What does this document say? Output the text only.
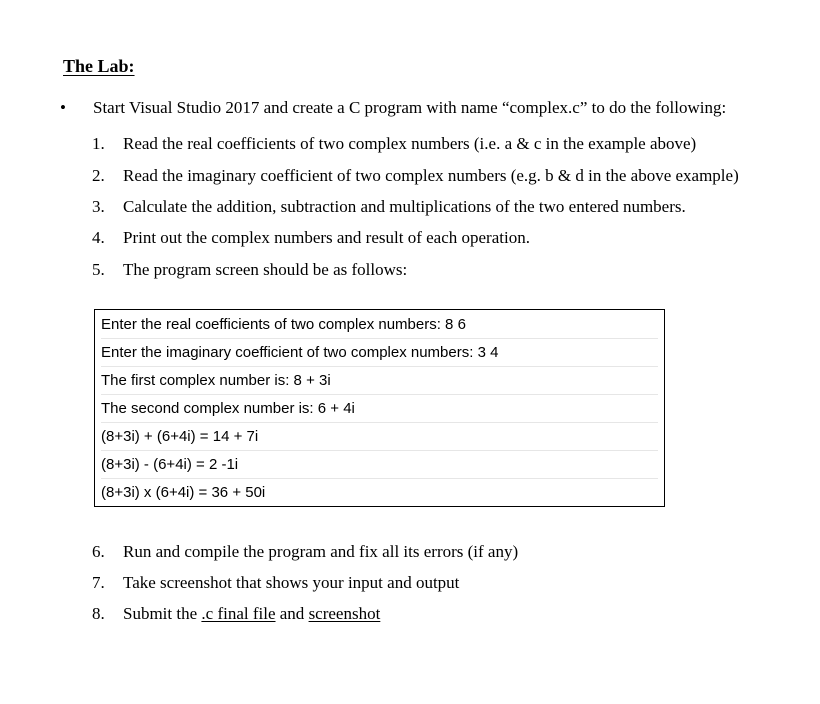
The Lab:
• Start Visual Studio 2017 and create a C program with name “complex.c” to do the following:
1. Read the real coefficients of two complex numbers (i.e. a & c in the example above)
2. Read the imaginary coefficient of two complex numbers (e.g. b & d in the above example)
3. Calculate the addition, subtraction and multiplications of the two entered numbers.
4. Print out the complex numbers and result of each operation.
5. The program screen should be as follows:
Enter the real coefficients of two complex numbers: 8 6
Enter the imaginary coefficient of two complex numbers: 3 4
The first complex number is: 8 + 3i
The second complex number is: 6 + 4i
(8+3i) + (6+4i) = 14 + 7i
(8+3i) - (6+4i) = 2 -1i
(8+3i) x (6+4i) = 36 + 50i
6. Run and compile the program and fix all its errors (if any)
7. Take screenshot that shows your input and output
8. Submit the .c final file and screenshot
